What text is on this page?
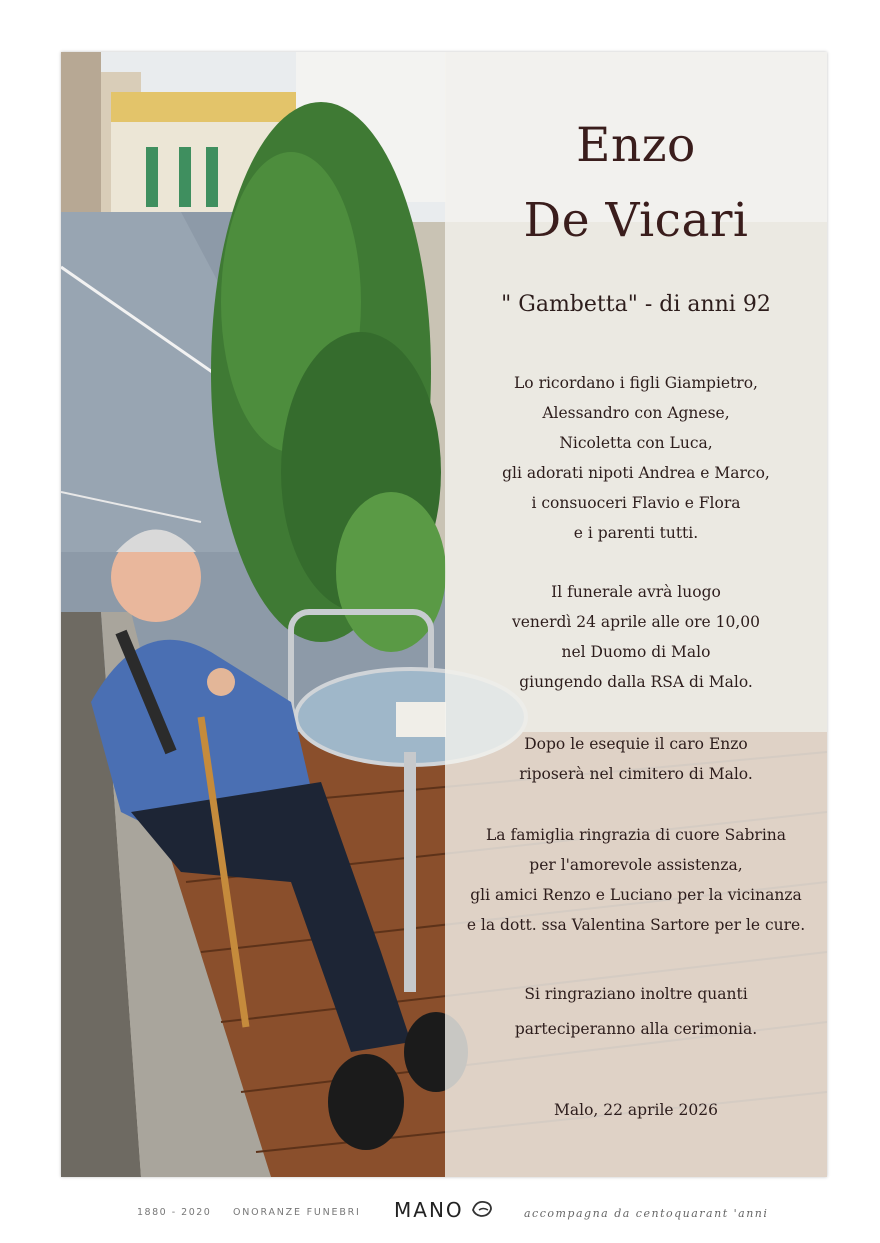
Enzo
De Vicari
" Gambetta" - di anni 92
Lo ricordano i figli Giampietro,
Alessandro con Agnese,
Nicoletta con Luca,
gli adorati nipoti Andrea e Marco,
i consuoceri Flavio e Flora
e i parenti tutti.
Il funerale avrà luogo
venerdì 24 aprile alle ore 10,00
nel Duomo di Malo
giungendo dalla RSA di Malo.
Dopo le esequie il caro Enzo
riposerà nel cimitero di Malo.
La famiglia ringrazia di cuore Sabrina
per l'amorevole assistenza,
gli amici Renzo e Luciano per la vicinanza
e la dott. ssa Valentina Sartore per le cure.
Si ringraziano inoltre quanti
parteciperanno alla cerimonia.
Malo, 22 aprile 2026
1880 - 2020 ONORANZE FUNEBRI MANO	accompagna da centoquarant 'anni
